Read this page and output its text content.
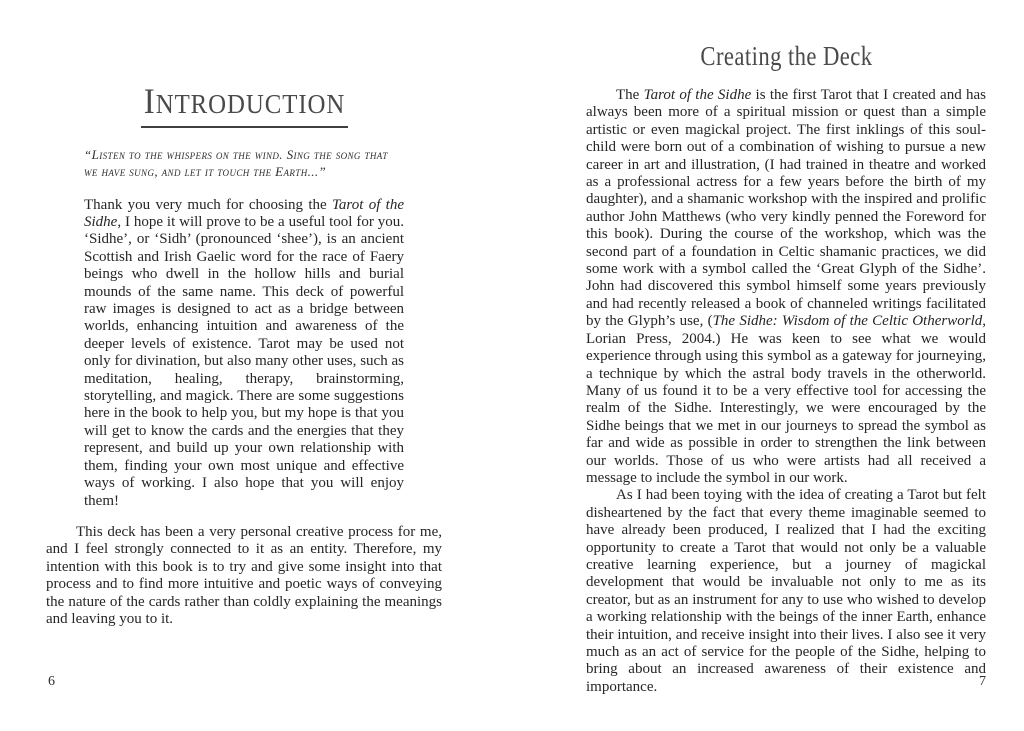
INTRODUCTION

“Listen to the whispers on the wind. Sing the song that we have sung, and let it touch the Earth...”

Thank you very much for choosing the Tarot of the Sidhe, I hope it will prove to be a useful tool for you. ‘Sidhe’, or ‘Sidh’ (pronounced ‘shee’), is an ancient Scottish and Irish Gaelic word for the race of Faery beings who dwell in the hollow hills and burial mounds of the same name. This deck of powerful raw images is designed to act as a bridge between worlds, enhancing intuition and awareness of the deeper levels of existence. Tarot may be used not only for divination, but also many other uses, such as meditation, healing, therapy, brainstorming, storytelling, and magick. There are some suggestions here in the book to help you, but my hope is that you will get to know the cards and the energies that they represent, and build up your own relationship with them, finding your own most unique and effective ways of working. I also hope that you will enjoy them!

This deck has been a very personal creative process for me, and I feel strongly connected to it as an entity. Therefore, my intention with this book is to try and give some insight into that process and to find more intuitive and poetic ways of conveying the nature of the cards rather than coldly explaining the meanings and leaving you to it.

6
Creating the Deck

The Tarot of the Sidhe is the first Tarot that I created and has always been more of a spiritual mission or quest than a simple artistic or even magickal project. The first inklings of this soul-child were born out of a combination of wishing to pursue a new career in art and illustration, (I had trained in theatre and worked as a professional actress for a few years before the birth of my daughter), and a shamanic workshop with the inspired and prolific author John Matthews (who very kindly penned the Foreword for this book). During the course of the workshop, which was the second part of a foundation in Celtic shamanic practices, we did some work with a symbol called the ‘Great Glyph of the Sidhe’. John had discovered this symbol himself some years previously and had recently released a book of channeled writings facilitated by the Glyph’s use, (The Sidhe: Wisdom of the Celtic Otherworld, Lorian Press, 2004.) He was keen to see what we would experience through using this symbol as a gateway for journeying, a technique by which the astral body travels in the otherworld. Many of us found it to be a very effective tool for accessing the realm of the Sidhe. Interestingly, we were encouraged by the Sidhe beings that we met in our journeys to spread the symbol as far and wide as possible in order to strengthen the link between our worlds. Those of us who were artists had all received a message to include the symbol in our work.

As I had been toying with the idea of creating a Tarot but felt disheartened by the fact that every theme imaginable seemed to have already been produced, I realized that I had the exciting opportunity to create a Tarot that would not only be a valuable creative learning experience, but a journey of magickal development that would be invaluable not only to me as its creator, but as an instrument for any to use who wished to develop a working relationship with the beings of the inner Earth, enhance their intuition, and receive insight into their lives. I also see it very much as an act of service for the people of the Sidhe, helping to bring about an increased awareness of their existence and importance.	7
